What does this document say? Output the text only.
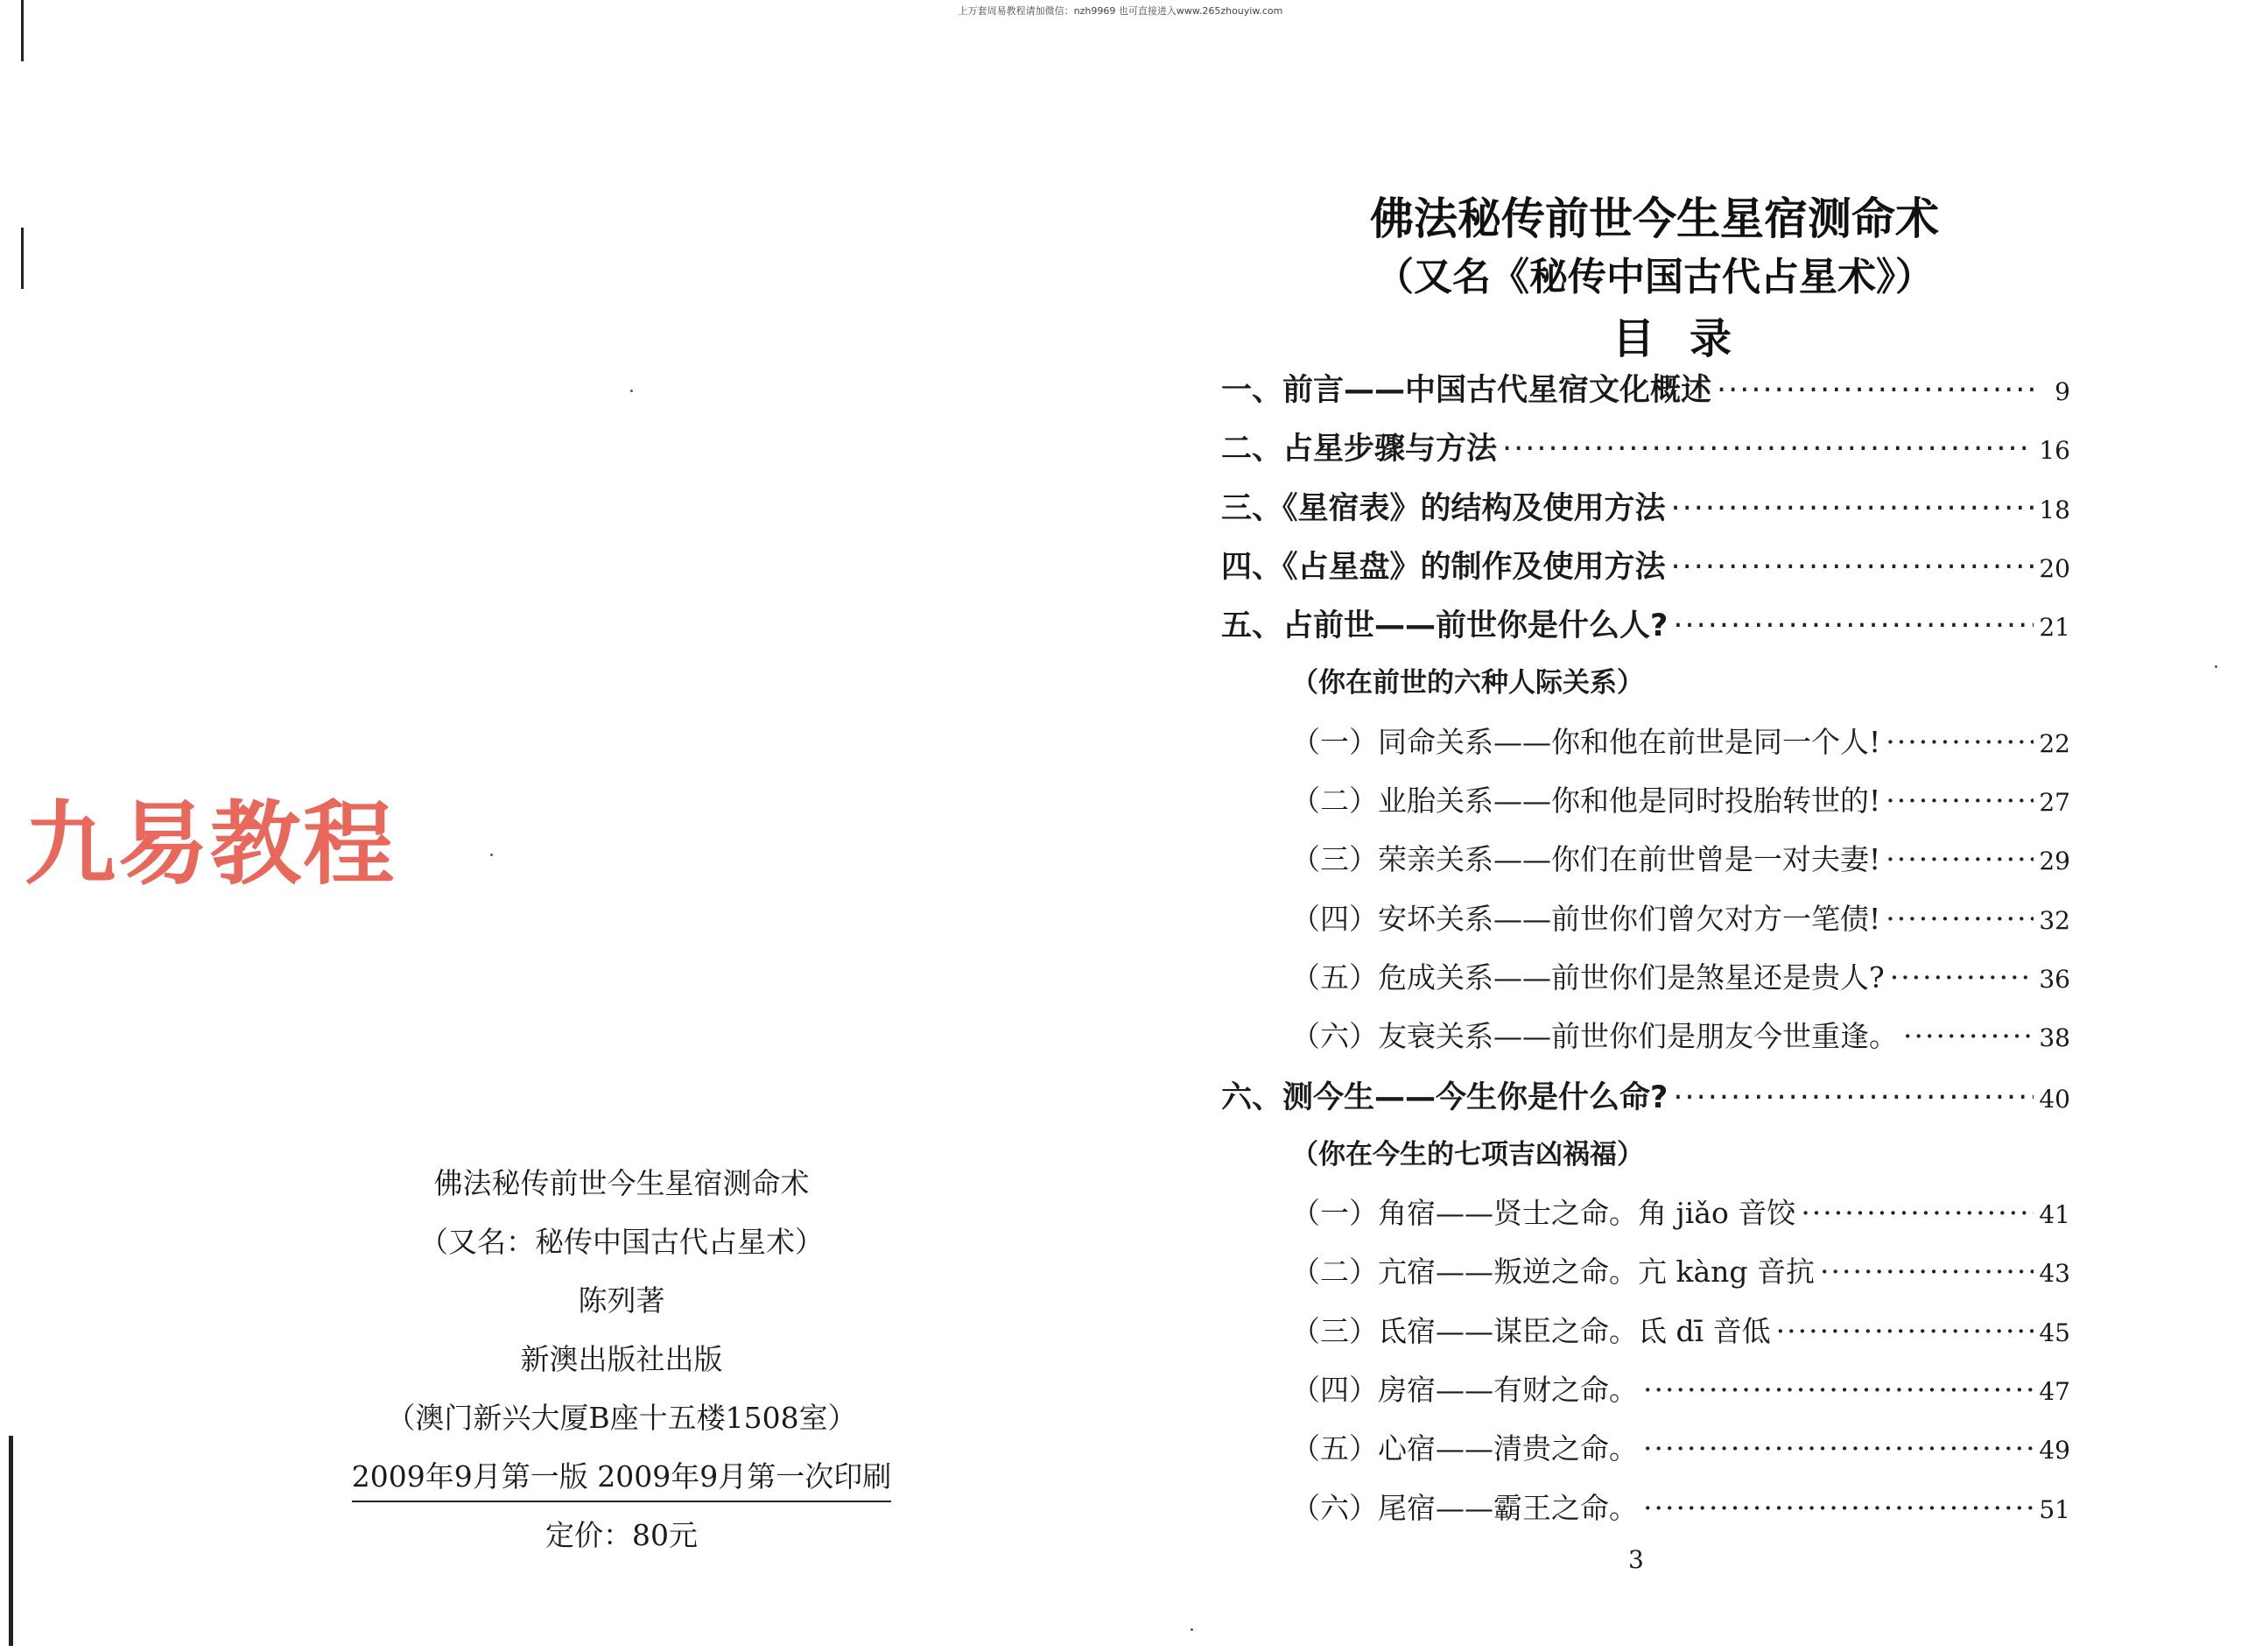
上万套周易教程请加微信：nzh9969 也可直接进入www.265zhouyiw.com
九易教程
佛法秘传前世今生星宿测命术
（又名：秘传中国古代占星术）
陈列著
新澳出版社出版
（澳门新兴大厦B座十五楼1508室）
2009年9月第一版 2009年9月第一次印刷
定价：80元
佛法秘传前世今生星宿测命术
（又名《秘传中国古代占星术》）
目录
一、前言——中国古代星宿文化概述 ·····	9
二、占星步骤与方法 ·····	16
三、《星宿表》的结构及使用方法 ·····	18
四、《占星盘》的制作及使用方法 ·····	20
五、占前世——前世你是什么人? ·····	21
（你在前世的六种人际关系）
（一）同命关系——你和他在前世是同一个人! ·····	22
（二）业胎关系——你和他是同时投胎转世的! ·····	27
（三）荣亲关系——你们在前世曾是一对夫妻! ·····	29
（四）安坏关系——前世你们曾欠对方一笔债! ·····	32
（五）危成关系——前世你们是煞星还是贵人? ·····	36
（六）友衰关系——前世你们是朋友今世重逢。 ·····	38
六、测今生——今生你是什么命? ·····	40
（你在今生的七项吉凶祸福）
（一）角宿——贤士之命。角 jiǎo 音饺 ·····	41
（二）亢宿——叛逆之命。亢 kàng 音抗 ·····	43
（三）氐宿——谋臣之命。氐 dī 音低 ·····	45
（四）房宿——有财之命。 ·····	47
（五）心宿——清贵之命。 ·····	49
（六）尾宿——霸王之命。 ·····	51
3
